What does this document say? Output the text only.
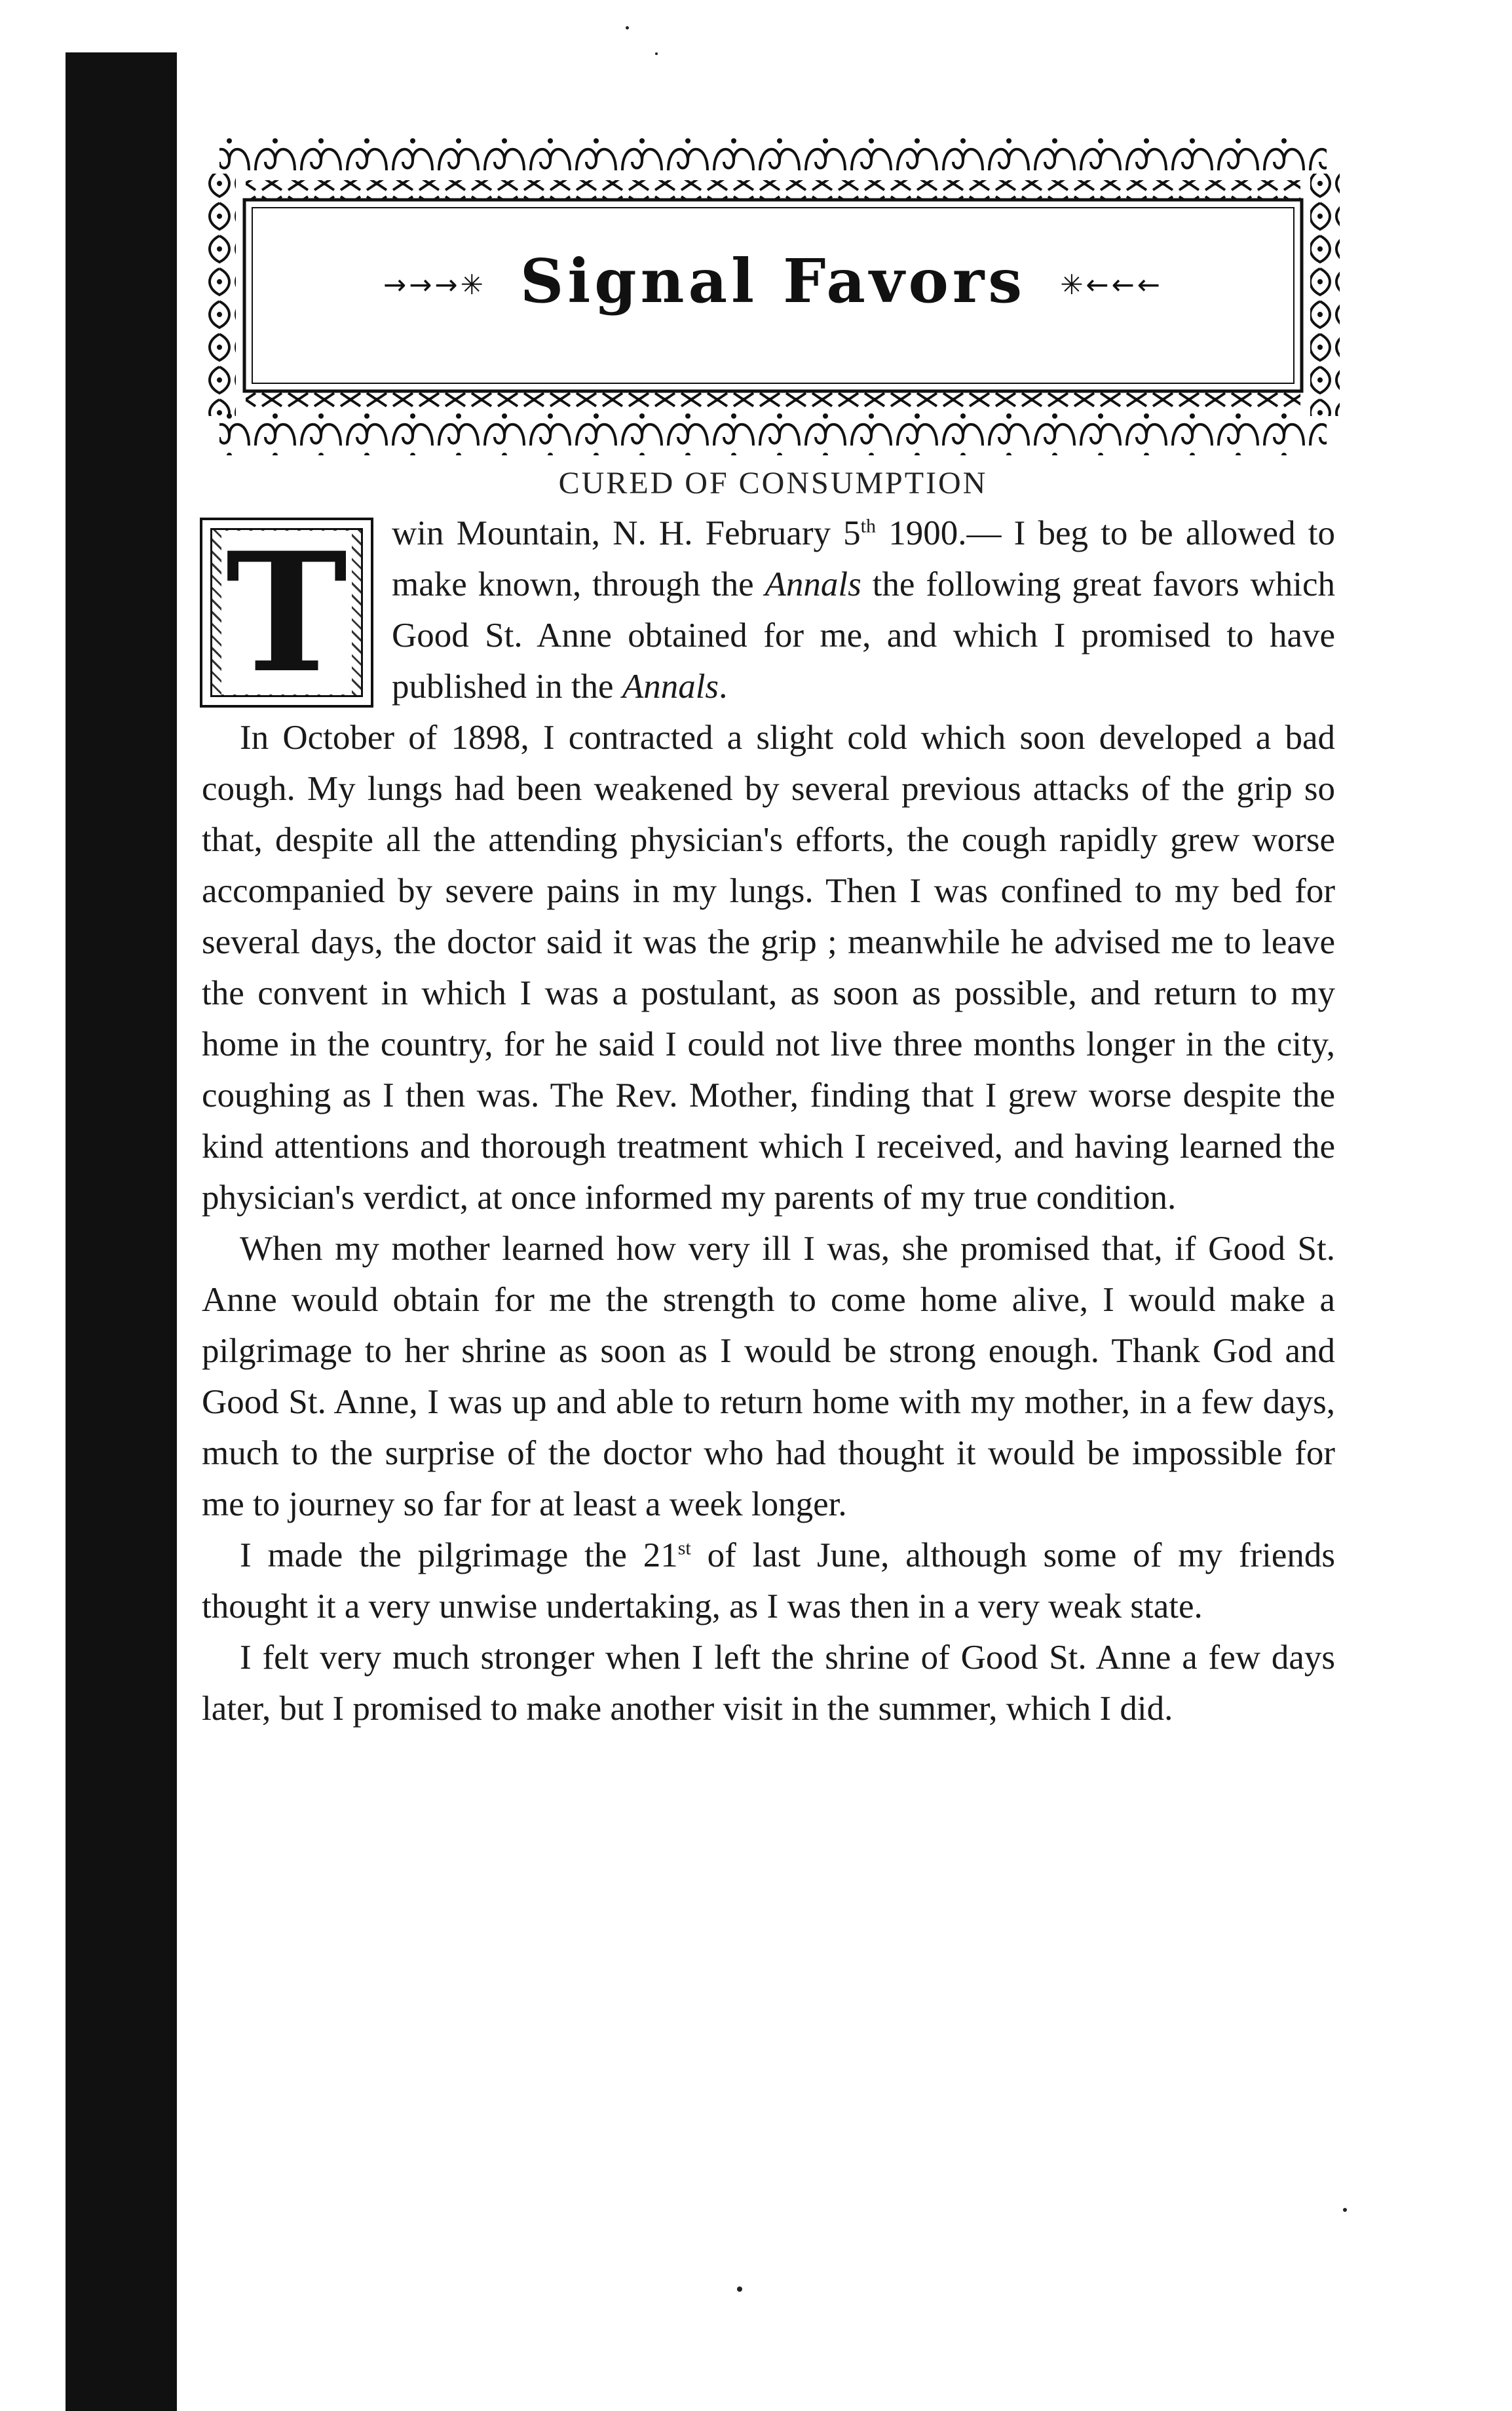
→→→✳ Signal Favors	✳←←←
CURED OF CONSUMPTION
T	win Mountain, N. H. February 5th 1900.— I beg to be allowed to make known, through the Annals the following great favors which Good St. Anne obtained for me, and which I promised to have published in the Annals.

In October of 1898, I contracted a slight cold which soon developed a bad cough. My lungs had been weakened by several previous attacks of the grip so that, despite all the attending physician's efforts, the cough rapidly grew worse accompanied by severe pains in my lungs. Then I was confined to my bed for several days, the doctor said it was the grip ; meanwhile he advised me to leave the convent in which I was a postulant, as soon as possible, and return to my home in the country, for he said I could not live three months longer in the city, coughing as I then was. The Rev. Mother, finding that I grew worse despite the kind attentions and thorough treatment which I received, and having learned the physician's verdict, at once informed my parents of my true condition.

When my mother learned how very ill I was, she promised that, if Good St. Anne would obtain for me the strength to come home alive, I would make a pilgrimage to her shrine as soon as I would be strong enough. Thank God and Good St. Anne, I was up and able to return home with my mother, in a few days, much to the surprise of the doctor who had thought it would be impossible for me to journey so far for at least a week longer.

I made the pilgrimage the 21st of last June, although some of my friends thought it a very unwise undertaking, as I was then in a very weak state.

I felt very much stronger when I left the shrine of Good St. Anne a few days later, but I promised to make another visit in the summer, which I did.
